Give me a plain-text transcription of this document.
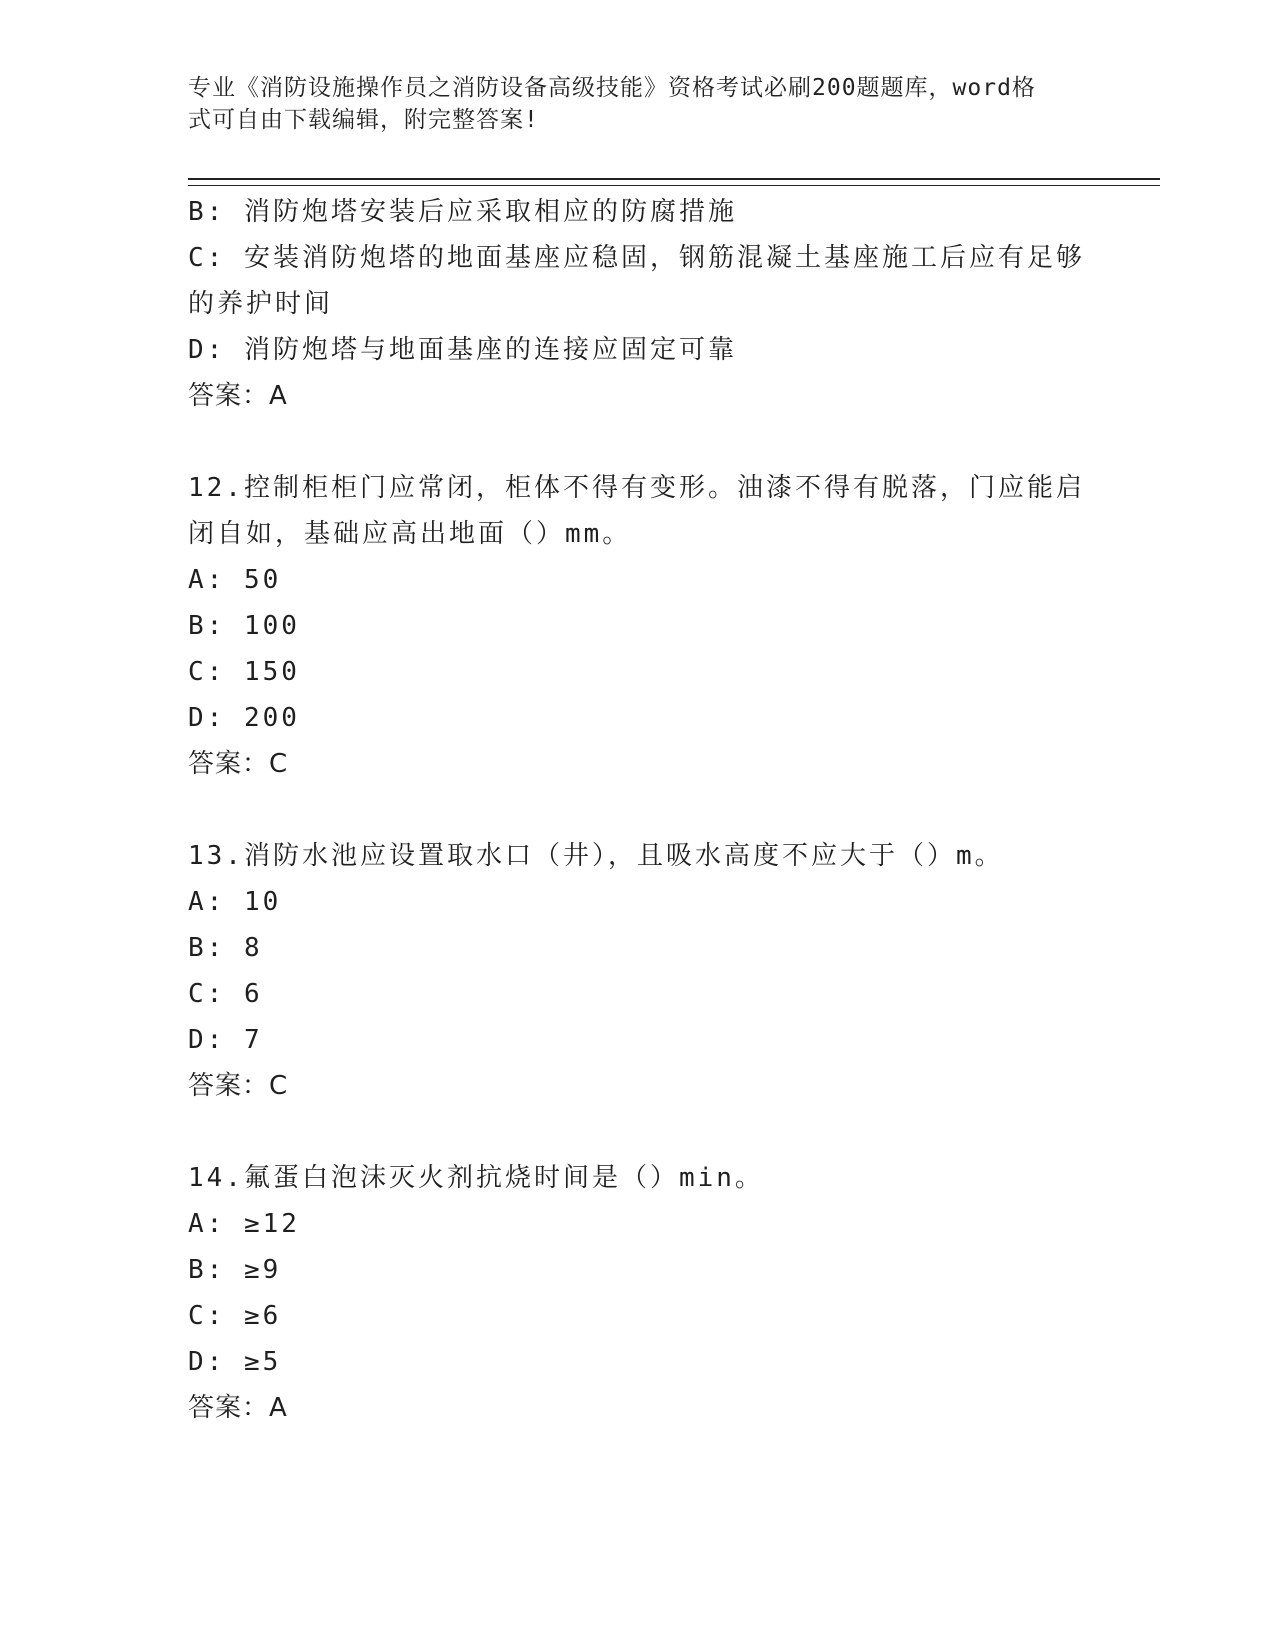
专业《消防设施操作员之消防设备高级技能》资格考试必刷200题题库，word格
式可自由下载编辑，附完整答案!
B: 消防炮塔安装后应采取相应的防腐措施
C: 安装消防炮塔的地面基座应稳固，钢筋混凝土基座施工后应有足够
的养护时间
D: 消防炮塔与地面基座的连接应固定可靠
答案：A
12.控制柜柜门应常闭，柜体不得有变形。油漆不得有脱落，门应能启
闭自如，基础应高出地面（）mm。
A: 50
B: 100
C: 150
D: 200
答案：C
13.消防水池应设置取水口（井），且吸水高度不应大于（）m。
A: 10
B: 8
C: 6
D: 7
答案：C
14.氟蛋白泡沫灭火剂抗烧时间是（）min。
A: ≥12
B: ≥9
C: ≥6
D: ≥5
答案：A
